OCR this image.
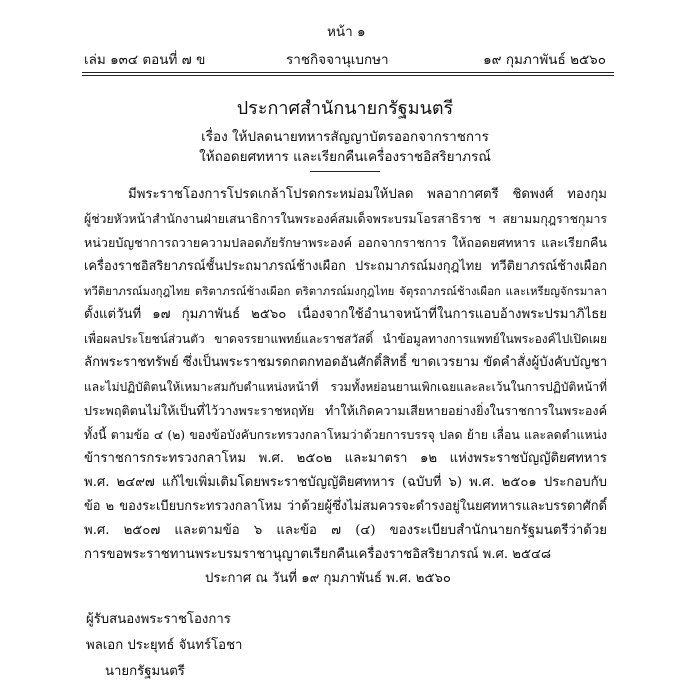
หน้า ๑
เล่ม ๑๓๔ ตอนที่ ๗ ข	ราชกิจจานุเบกษา	๑๙ กุมภาพันธ์ ๒๕๖๐
ประกาศสำนักนายกรัฐมนตรี
เรื่อง ให้ปลดนายทหารสัญญาบัตรออกจากราชการ
ให้ถอดยศทหาร และเรียกคืนเครื่องราชอิสริยาภรณ์
มีพระราชโองการโปรดเกล้าโปรดกระหม่อมให้ปลด พลอากาศตรี ชิดพงศ์ ทองกุม
ผู้ช่วยหัวหน้าสำนักงานฝ่ายเสนาธิการในพระองค์สมเด็จพระบรมโอรสาธิราช ฯ สยามมกุฎราชกุมาร
หน่วยบัญชาการถวายความปลอดภัยรักษาพระองค์ ออกจากราชการ ให้ถอดยศทหาร และเรียกคืน
เครื่องราชอิสริยาภรณ์ชั้นประถมาภรณ์ช้างเผือก ประถมาภรณ์มงกุฎไทย ทวีติยาภรณ์ช้างเผือก
ทวีติยาภรณ์มงกุฎไทย ตริตาภรณ์ช้างเผือก ตริตาภรณ์มงกุฎไทย จัตุรถาภรณ์ช้างเผือก และเหรียญจักรมาลา
ตั้งแต่วันที่ ๑๗ กุมภาพันธ์ ๒๕๖๐ เนื่องจากใช้อำนาจหน้าที่ในการแอบอ้างพระปรมาภิไธย
เพื่อผลประโยชน์ส่วนตัว ขาดจรรยาแพทย์และราชสวัสดิ์ นำข้อมูลทางการแพทย์ในพระองค์ไปเปิดเผย
ลักพระราชทรัพย์ ซึ่งเป็นพระราชมรดกตกทอดอันศักดิ์สิทธิ์ ขาดเวรยาม ขัดคำสั่งผู้บังคับบัญชา
และไม่ปฏิบัติตนให้เหมาะสมกับตำแหน่งหน้าที่ รวมทั้งหย่อนยานเพิกเฉยและละเว้นในการปฏิบัติหน้าที่
ประพฤติตนไม่ให้เป็นที่ไว้วางพระราชหฤทัย ทำให้เกิดความเสียหายอย่างยิ่งในราชการในพระองค์
ทั้งนี้ ตามข้อ ๔ (๒) ของข้อบังคับกระทรวงกลาโหมว่าด้วยการบรรจุ ปลด ย้าย เลื่อน และลดตำแหน่ง
ข้าราชการกระทรวงกลาโหม พ.ศ. ๒๕๐๒ และมาตรา ๑๒ แห่งพระราชบัญญัติยศทหาร
พ.ศ. ๒๔๙๗ แก้ไขเพิ่มเติมโดยพระราชบัญญัติยศทหาร (ฉบับที่ ๖) พ.ศ. ๒๕๐๑ ประกอบกับ
ข้อ ๒ ของระเบียบกระทรวงกลาโหม ว่าด้วยผู้ซึ่งไม่สมควรจะดำรงอยู่ในยศทหารและบรรดาศักดิ์
พ.ศ. ๒๕๐๗ และตามข้อ ๖ และข้อ ๗ (๔) ของระเบียบสำนักนายกรัฐมนตรีว่าด้วย
การขอพระราชทานพระบรมราชานุญาตเรียกคืนเครื่องราชอิสริยาภรณ์ พ.ศ. ๒๕๔๘
ประกาศ ณ วันที่ ๑๙ กุมภาพันธ์ พ.ศ. ๒๕๖๐
ผู้รับสนองพระราชโองการ
พลเอก ประยุทธ์ จันทร์โอชา
นายกรัฐมนตรี
